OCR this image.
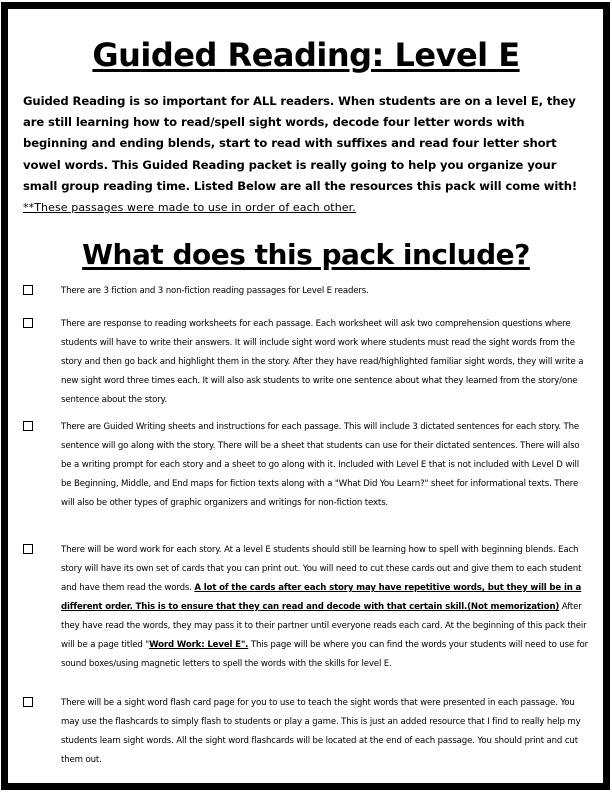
Guided Reading: Level E

Guided Reading is so important for ALL readers. When students are on a level E, they are still learning how to read/spell sight words, decode four letter words with beginning and ending blends, start to read with suffixes and read four letter short vowel words. This Guided Reading packet is really going to help you organize your small group reading time. Listed Below are all the resources this pack will come with! **These passages were made to use in order of each other.

What does this pack include?
There are 3 fiction and 3 non-fiction reading passages for Level E readers.
There are response to reading worksheets for each passage. Each worksheet will ask two comprehension questions where students will have to write their answers. It will include sight word work where students must read the sight words from the story and then go back and highlight them in the story. After they have read/highlighted familiar sight words, they will write a new sight word three times each. It will also ask students to write one sentence about what they learned from the story/one sentence about the story.
There are Guided Writing sheets and instructions for each passage. This will include 3 dictated sentences for each story. The sentence will go along with the story. There will be a sheet that students can use for their dictated sentences. There will also be a writing prompt for each story and a sheet to go along with it. Included with Level E that is not included with Level D will be Beginning, Middle, and End maps for fiction texts along with a "What Did You Learn?" sheet for informational texts. There will also be other types of graphic organizers and writings for non-fiction texts.
There will be word work for each story. At a level E students should still be learning how to spell with beginning blends. Each story will have its own set of cards that you can print out. You will need to cut these cards out and give them to each student and have them read the words. A lot of the cards after each story may have repetitive words, but they will be in a different order. This is to ensure that they can read and decode with that certain skill.(Not memorization) After they have read the words, they may pass it to their partner until everyone reads each card. At the beginning of this pack their will be a page titled "Word Work: Level E". This page will be where you can find the words your students will need to use for sound boxes/using magnetic letters to spell the words with the skills for level E.
There will be a sight word flash card page for you to use to teach the sight words that were presented in each passage. You may use the flashcards to simply flash to students or play a game. This is just an added resource that I find to really help my students learn sight words. All the sight word flashcards will be located at the end of each passage. You should print and cut them out.
